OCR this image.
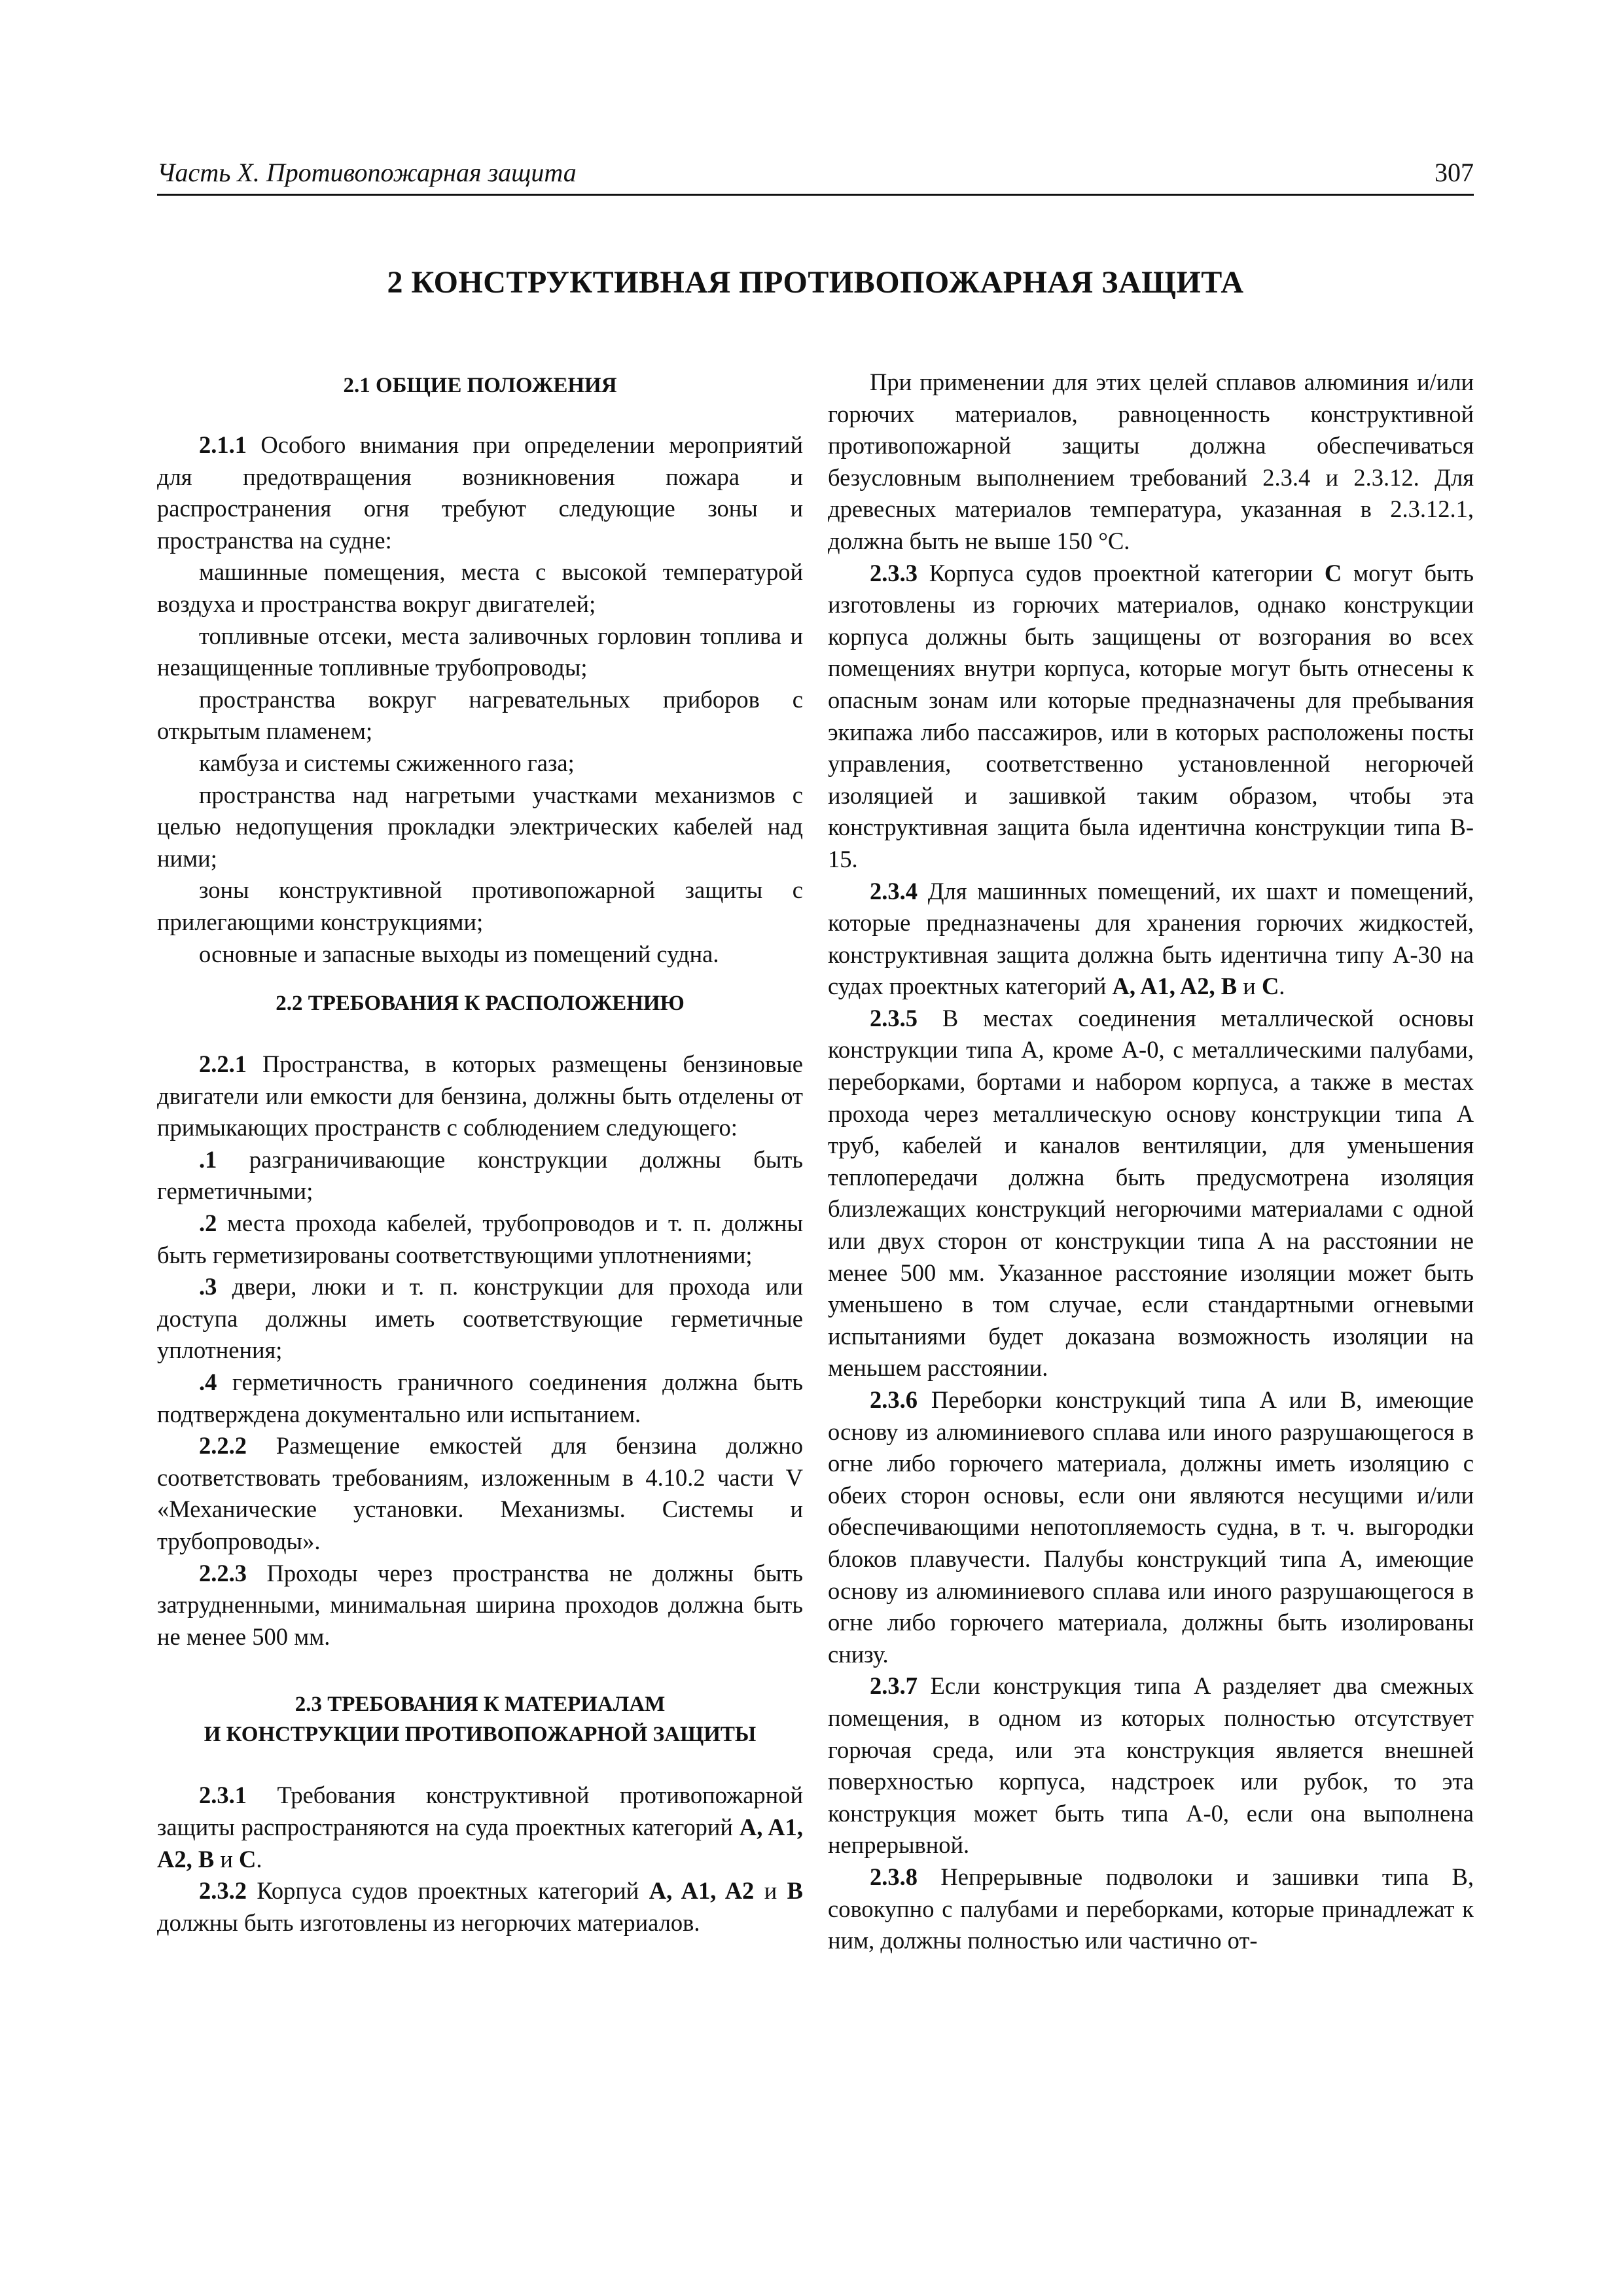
Часть X. Противопожарная защита	307
2 КОНСТРУКТИВНАЯ ПРОТИВОПОЖАРНАЯ ЗАЩИТА
2.1 ОБЩИЕ ПОЛОЖЕНИЯ

2.1.1 Особого внимания при определении мероприятий для предотвращения возникновения пожара и распространения огня требуют следующие зоны и пространства на судне:

машинные помещения, места с высокой температурой воздуха и пространства вокруг двигателей;

топливные отсеки, места заливочных горловин топлива и незащищенные топливные трубопроводы;

пространства вокруг нагревательных приборов с открытым пламенем;

камбуза и системы сжиженного газа;

пространства над нагретыми участками механизмов с целью недопущения прокладки электрических кабелей над ними;

зоны конструктивной противопожарной защиты с прилегающими конструкциями;

основные и запасные выходы из помещений судна.

2.2 ТРЕБОВАНИЯ К РАСПОЛОЖЕНИЮ

2.2.1 Пространства, в которых размещены бензиновые двигатели или емкости для бензина, должны быть отделены от примыкающих пространств с соблюдением следующего:

.1 разграничивающие конструкции должны быть герметичными;

.2 места прохода кабелей, трубопроводов и т. п. должны быть герметизированы соответствующими уплотнениями;

.3 двери, люки и т. п. конструкции для прохода или доступа должны иметь соответствующие герметичные уплотнения;

.4 герметичность граничного соединения должна быть подтверждена документально или испытанием.

2.2.2 Размещение емкостей для бензина должно соответствовать требованиям, изложенным в 4.10.2 части V «Механические установки. Механизмы. Системы и трубопроводы».

2.2.3 Проходы через пространства не должны быть затрудненными, минимальная ширина проходов должна быть не менее 500 мм.

2.3 ТРЕБОВАНИЯ К МАТЕРИАЛАМ
И КОНСТРУКЦИИ ПРОТИВОПОЖАРНОЙ ЗАЩИТЫ

2.3.1 Требования конструктивной противопожарной защиты распространяются на суда проектных категорий A, A1, A2, B и C.

2.3.2 Корпуса судов проектных категорий A, A1, A2 и B должны быть изготовлены из негорючих материалов.

При применении для этих целей сплавов алюминия и/или горючих материалов, равноценность конструктивной противопожарной защиты должна обеспечиваться безусловным выполнением требований 2.3.4 и 2.3.12. Для древесных материалов температура, указанная в 2.3.12.1, должна быть не выше 150 °C.

2.3.3 Корпуса судов проектной категории C могут быть изготовлены из горючих материалов, однако конструкции корпуса должны быть защищены от возгорания во всех помещениях внутри корпуса, которые могут быть отнесены к опасным зонам или которые предназначены для пребывания экипажа либо пассажиров, или в которых расположены посты управления, соответственно установленной негорючей изоляцией и зашивкой таким образом, чтобы эта конструктивная защита была идентична конструкции типа B-15.

2.3.4 Для машинных помещений, их шахт и помещений, которые предназначены для хранения горючих жидкостей, конструктивная защита должна быть идентична типу A-30 на судах проектных категорий A, A1, A2, B и C.

2.3.5 В местах соединения металлической основы конструкции типа A, кроме A-0, с металлическими палубами, переборками, бортами и набором корпуса, а также в местах прохода через металлическую основу конструкции типа A труб, кабелей и каналов вентиляции, для уменьшения теплопередачи должна быть предусмотрена изоляция близлежащих конструкций негорючими материалами с одной или двух сторон от конструкции типа A на расстоянии не менее 500 мм. Указанное расстояние изоляции может быть уменьшено в том случае, если стандартными огневыми испытаниями будет доказана возможность изоляции на меньшем расстоянии.

2.3.6 Переборки конструкций типа A или B, имеющие основу из алюминиевого сплава или иного разрушающегося в огне либо горючего материала, должны иметь изоляцию с обеих сторон основы, если они являются несущими и/или обеспечивающими непотопляемость судна, в т. ч. выгородки блоков плавучести. Палубы конструкций типа A, имеющие основу из алюминиевого сплава или иного разрушающегося в огне либо горючего материала, должны быть изолированы снизу.

2.3.7 Если конструкция типа A разделяет два смежных помещения, в одном из которых полностью отсутствует горючая среда, или эта конструкция является внешней поверхностью корпуса, надстроек или рубок, то эта конструкция может быть типа A-0, если она выполнена непрерывной.

2.3.8 Непрерывные подволоки и зашивки типа B, совокупно с палубами и переборками, которые принадлежат к ним, должны полностью или частично от-
